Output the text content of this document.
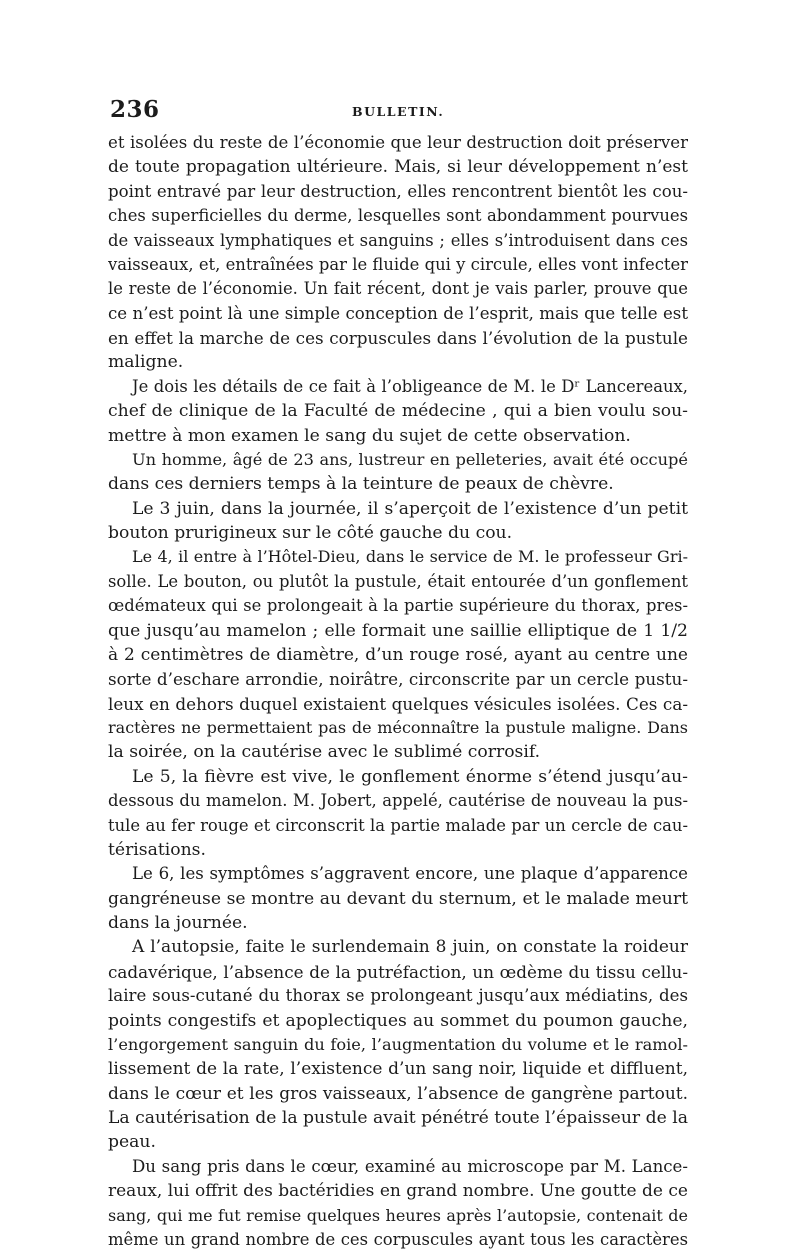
236	BULLETIN.
et isolées du reste de l’économie que leur destruction doit préserver
de toute propagation ultérieure. Mais, si leur développement n’est
point entravé par leur destruction, elles rencontrent bientôt les cou-
ches superficielles du derme, lesquelles sont abondamment pourvues
de vaisseaux lymphatiques et sanguins ; elles s’introduisent dans ces
vaisseaux, et, entraînées par le fluide qui y circule, elles vont infecter
le reste de l’économie. Un fait récent, dont je vais parler, prouve que
ce n’est point là une simple conception de l’esprit, mais que telle est
en effet la marche de ces corpuscules dans l’évolution de la pustule
maligne.
Je dois les détails de ce fait à l’obligeance de M. le Dʳ Lancereaux,
chef de clinique de la Faculté de médecine , qui a bien voulu sou-
mettre à mon examen le sang du sujet de cette observation.
Un homme, âgé de 23 ans, lustreur en pelleteries, avait été occupé
dans ces derniers temps à la teinture de peaux de chèvre.
Le 3 juin, dans la journée, il s’aperçoit de l’existence d’un petit
bouton prurigineux sur le côté gauche du cou.
Le 4, il entre à l’Hôtel-Dieu, dans le service de M. le professeur Gri-
solle. Le bouton, ou plutôt la pustule, était entourée d’un gonflement
œdémateux qui se prolongeait à la partie supérieure du thorax, pres-
que jusqu’au mamelon ; elle formait une saillie elliptique de 1 1/2
à 2 centimètres de diamètre, d’un rouge rosé, ayant au centre une
sorte d’eschare arrondie, noirâtre, circonscrite par un cercle pustu-
leux en dehors duquel existaient quelques vésicules isolées. Ces ca-
ractères ne permettaient pas de méconnaître la pustule maligne. Dans
la soirée, on la cautérise avec le sublimé corrosif.
Le 5, la fièvre est vive, le gonflement énorme s’étend jusqu’au-
dessous du mamelon. M. Jobert, appelé, cautérise de nouveau la pus-
tule au fer rouge et circonscrit la partie malade par un cercle de cau-
térisations.
Le 6, les symptômes s’aggravent encore, une plaque d’apparence
gangréneuse se montre au devant du sternum, et le malade meurt
dans la journée.
A l’autopsie, faite le surlendemain 8 juin, on constate la roideur
cadavérique, l’absence de la putréfaction, un œdème du tissu cellu-
laire sous-cutané du thorax se prolongeant jusqu’aux médiatins, des
points congestifs et apoplectiques au sommet du poumon gauche,
l’engorgement sanguin du foie, l’augmentation du volume et le ramol-
lissement de la rate, l’existence d’un sang noir, liquide et diffluent,
dans le cœur et les gros vaisseaux, l’absence de gangrène partout.
La cautérisation de la pustule avait pénétré toute l’épaisseur de la
peau.
Du sang pris dans le cœur, examiné au microscope par M. Lance-
reaux, lui offrit des bactéridies en grand nombre. Une goutte de ce
sang, qui me fut remise quelques heures après l’autopsie, contenait de
même un grand nombre de ces corpuscules ayant tous les caractères
